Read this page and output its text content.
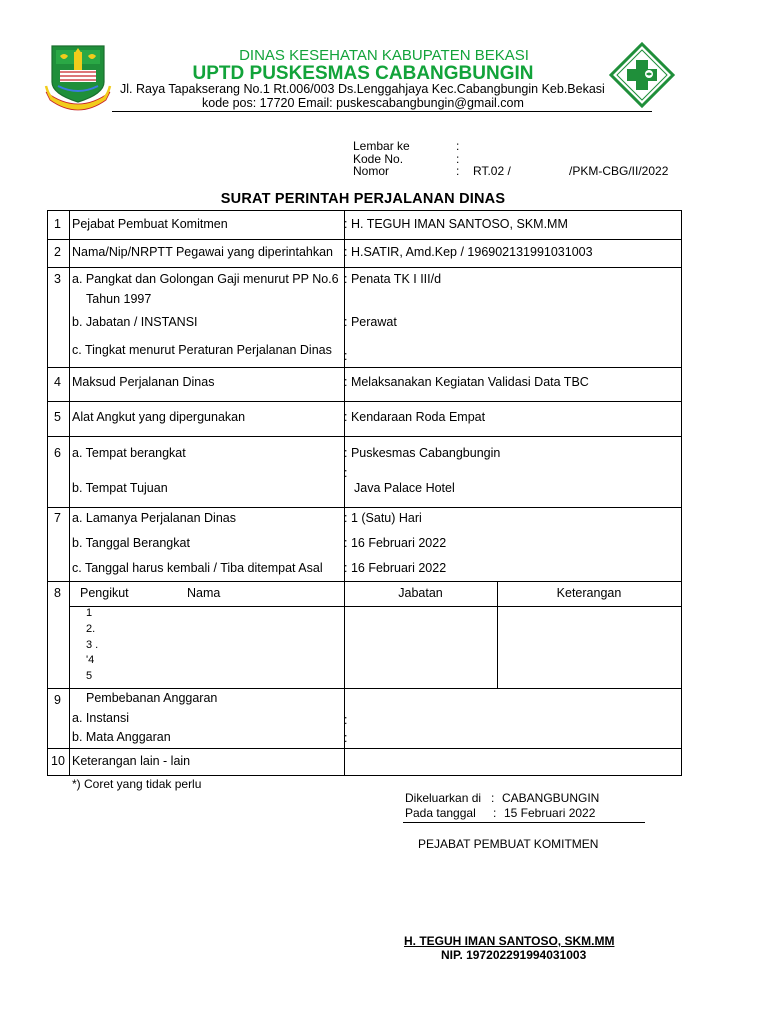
DINAS KESEHATAN KABUPATEN BEKASI
UPTD PUSKESMAS CABANGBUNGIN
Jl. Raya Tapakserang No.1 Rt.006/003 Ds.Lenggahjaya Kec.Cabangbungin Keb.Bekasi
kode pos: 17720 Email: puskescabangbungin@gmail.com
Lembar ke	:
Kode No.	:
Nomor	: RT.02 /	/PKM-CBG/II/2022
SURAT PERINTAH PERJALANAN DINAS
1 Pejabat Pembuat Komitmen	: H. TEGUH IMAN SANTOSO, SKM.MM
2 Nama/Nip/NRPTT Pegawai yang diperintahkan : H.SATIR, Amd.Kep / 196902131991031003
3 a. Pangkat dan Golongan Gaji menurut PP No.6
Tahun 1997
: Penata TK I III/d
b. Jabatan / INSTANSI	: Perawat
c. Tingkat menurut Peraturan Perjalanan Dinas :
4 Maksud Perjalanan Dinas	: Melaksanakan Kegiatan Validasi Data TBC
5 Alat Angkut yang dipergunakan	: Kendaraan Roda Empat
6 a. Tempat berangkat	: Puskesmas Cabangbungin
:
b. Tempat Tujuan	Java Palace Hotel
7 a. Lamanya Perjalanan Dinas	: 1 (Satu) Hari
b. Tanggal Berangkat	: 16 Februari 2022
c. Tanggal harus kembali / Tiba ditempat Asal : 16 Februari 2022
8 Pengikut	Nama	Jabatan	Keterangan
1
2.
3 .
'4
5
9 Pembebanan Anggaran
a. Instansi	:
b. Mata Anggaran	:
10 Keterangan lain - lain
*) Coret yang tidak perlu
Dikeluarkan di : CABANGBUNGIN
Pada tanggal : 15 Februari 2022
PEJABAT PEMBUAT KOMITMEN
H. TEGUH IMAN SANTOSO, SKM.MM
NIP. 197202291994031003
